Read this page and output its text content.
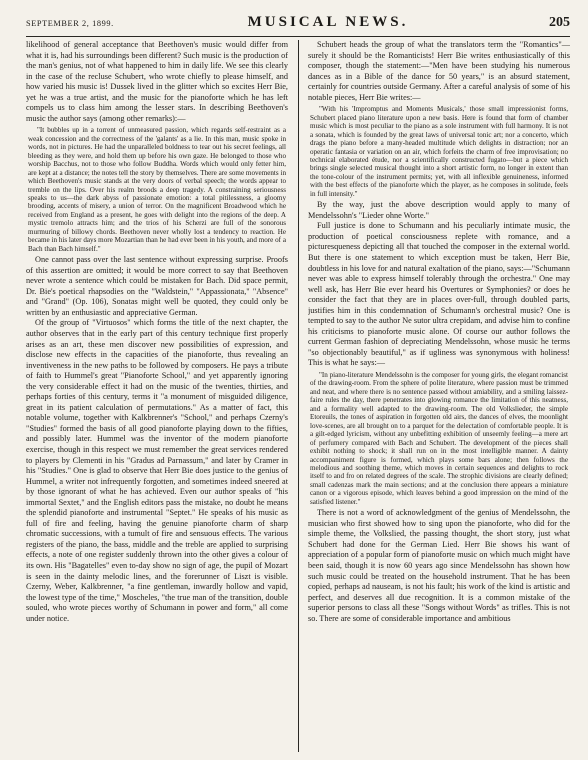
SEPTEMBER 2, 1899.	MUSICAL NEWS.	205

likelihood of general acceptance that Beethoven's music would differ from what it is, had his surroundings been different? Such music is the production of the man's genius, not of what happened to him in daily life. We see this clearly in the case of the recluse Schubert, who wrote chiefly to please himself, and how varied his music is! Dussek lived in the glitter which so excites Herr Bie, yet he was a true artist, and the music for the pianoforte which he has left compels us to class him among the lesser stars. In describing Beethoven's music the author says (among other remarks):—

"It bubbles up in a torrent of unmeasured passion, which regards self-restraint as a weak concession and the correctness of the 'galants' as a lie. In this man, music spoke in words, not in pictures. He had the unparalleled boldness to tear out his secret feelings, all bleeding as they were, and hold them up before his own gaze. He belonged to those who worship Bacchus, not to those who follow Buddha. Words which would only fetter him, are kept at a distance; the notes tell the story by themselves. There are some movements in which Beethoven's music stands at the very doors of verbal speech; the words appear to tremble on the lips. Over his realm broods a deep tragedy. A constraining seriousness speaks to us—the dark abyss of passionate emotion: a total pitilessness, a gloomy brooding, accents of misery, a union of terror. On the magnificent Broadwood which he received from England as a present, he goes with delight into the regions of the deep. A mystic tremolo attracts him; and the trios of his Scherzi are full of the sonorous murmuring of billowy chords. Beethoven never wholly lost a tendency to reaction. He became in his later days more Mozartian than he had ever been in his youth, and more of a Bach than Bach himself."

One cannot pass over the last sentence without expressing surprise. Proofs of this assertion are omitted; it would be more correct to say that Beethoven never wrote a sentence which could be mistaken for Bach. Did space permit, Dr. Bie's poetical rhapsodies on the "Waldstein," "Appassionata," "Absence" and "Grand" (Op. 106), Sonatas might well be quoted, they could only be written by an enthusiastic and appreciative German.

Of the group of "Virtuosos" which forms the title of the next chapter, the author observes that in the early part of this century technique first properly arises as an art, these men discover new possibilities of expression, and disclose new effects in the capacities of the pianoforte, thus revealing an inventiveness in the new paths to be followed by composers. He pays a tribute of faith to Hummel's great "Pianoforte School," and yet apparently ignoring the very considerable effect it had on the music of the twenties, thirties, and perhaps forties of this century, terms it "a monument of misguided diligence, great in its patient calculation of permutations." As a matter of fact, this notable volume, together with Kalkbrenner's "School," and perhaps Czerny's "Studies" formed the basis of all good pianoforte playing down to the fifties, and possibly later. Hummel was the inventor of the modern pianoforte exercise, though in this respect we must remember the great services rendered to players by Clementi in his "Gradus ad Parnassum," and later by Cramer in his "Studies." One is glad to observe that Herr Bie does justice to the genius of Hummel, a writer not infrequently forgotten, and sometimes indeed sneered at by those ignorant of what he has achieved. Even our author speaks of "his immortal Sextet," and the English editors pass the mistake, no doubt he means the splendid pianoforte and instrumental "Septet." He speaks of his music as full of fire and feeling, having the genuine pianoforte charm of sharp chromatic successions, with a tumult of fire and sensuous effects. The various registers of the piano, the bass, middle and the treble are applied to surprising effects, a note of one register suddenly thrown into the other gives a colour of its own. His "Bagatelles" even to-day show no sign of age, the pupil of Mozart is seen in the dainty melodic lines, and the forerunner of Liszt is visible. Czerny, Weber, Kalkbrenner, "a fine gentleman, inwardly hollow and vapid, the lowest type of the time," Moscheles, "the true man of the transition, double souled, who wrote pieces worthy of Schumann in power and form," all come under notice.

Schubert heads the group of what the translators term the "Romantics"—surely it should be the Romanticists! Herr Bie writes enthusiastically of this composer, though the statement:—"Men have been studying his numerous dances as in a Bible of the dance for 50 years," is an absurd statement, certainly for countries outside Germany. After a careful analysis of some of his notable pieces, Herr Bie writes:—

"With his 'Impromptus and Moments Musicals,' those small impressionist forms, Schubert placed piano literature upon a new basis. Here is found that form of chamber music which is most peculiar to the piano as a sole instrument with full harmony. It is not a sonata, which is founded by the great laws of universal tonic art; nor a concerto, which drags the piano before a many-headed multitude which delights in distraction; nor an operatic fantasia or variation on an air, which forfeits the charm of free improvisation; no technical elaborated étude, nor a scientifically constructed fugato—but a piece which brings single selected musical thought into a short artistic form, no longer in extent than the tone-colour of the instrument permits; yet, with all inflexible genuineness, informed with the best effects of the pianoforte which the player, as he composes in solitude, feels in full intensity."

By the way, just the above description would apply to many of Mendelssohn's "Lieder ohne Worte."

Full justice is done to Schumann and his peculiarly intimate music, the production of poetical consciousness replete with romance, and a picturesqueness depicting all that touched the composer in the external world. But there is one statement to which exception must be taken, Herr Bie, doubtless in his love for and natural exaltation of the piano, says:—"Schumann never was able to express himself tolerably through the orchestra." One may well ask, has Herr Bie ever heard his Overtures or Symphonies? or does he consider the fact that they are in places over-full, through doubled parts, justifies him in this condemnation of Schumann's orchestral music? One is tempted to say to the author Ne sutor ultra crepidam, and advise him to confine his criticisms to pianoforte music alone. Of course our author follows the current German fashion of depreciating Mendelssohn, whose music he terms "so objectionably beautiful," as if ugliness was synonymous with holiness! This is what he says:—

"In piano-literature Mendelssohn is the composer for young girls, the elegant romancist of the drawing-room. From the sphere of polite literature, where passion must be trimmed and neat, and where there is no sentence passed without amiability, and a smiling laissez-faire rules the day, there penetrates into glowing romance the limitation of this neatness, and a formality well adapted to the drawing-room. The old Volkslieder, the simple Etoreuils, the tones of aspiration in forgotten old airs, the dances of elves, the moonlight love-scenes, are all brought on to a parquet for the delectation of comfortable people. It is a gilt-edged lyricism, without any unbefitting exhibition of unseemly feeling—a mere art of perfumery compared with Bach and Schubert. The development of the pieces shall exhibit nothing to shock; it shall run on in the most intelligible manner. A dainty accompaniment figure is formed, which plays some bars alone; then follows the melodious and soothing theme, which moves in certain sequences and delights to rock itself to and fro on related degrees of the scale. The strophic divisions are clearly defined; small cadenzas mark the main sections; and at the conclusion there appears a miniature canon or a vigorous episode, which leaves behind a good impression on the mind of the satisfied listener."

There is not a word of acknowledgment of the genius of Mendelssohn, the musician who first showed how to sing upon the pianoforte, who did for the simple theme, the Volkslied, the passing thought, the short story, just what Schubert had done for the German Lied. Herr Bie shows his want of appreciation of a popular form of pianoforte music on which much might have been said, though it is now 60 years ago since Mendelssohn has shown how such music could be treated on the household instrument. That he has been copied, perhaps ad nauseam, is not his fault; his work of the kind is artistic and perfect, and deserves all due recognition. It is a common mistake of the superior persons to class all these "Songs without Words" as trifles. This is not so. There are some of considerable importance and ambitious
